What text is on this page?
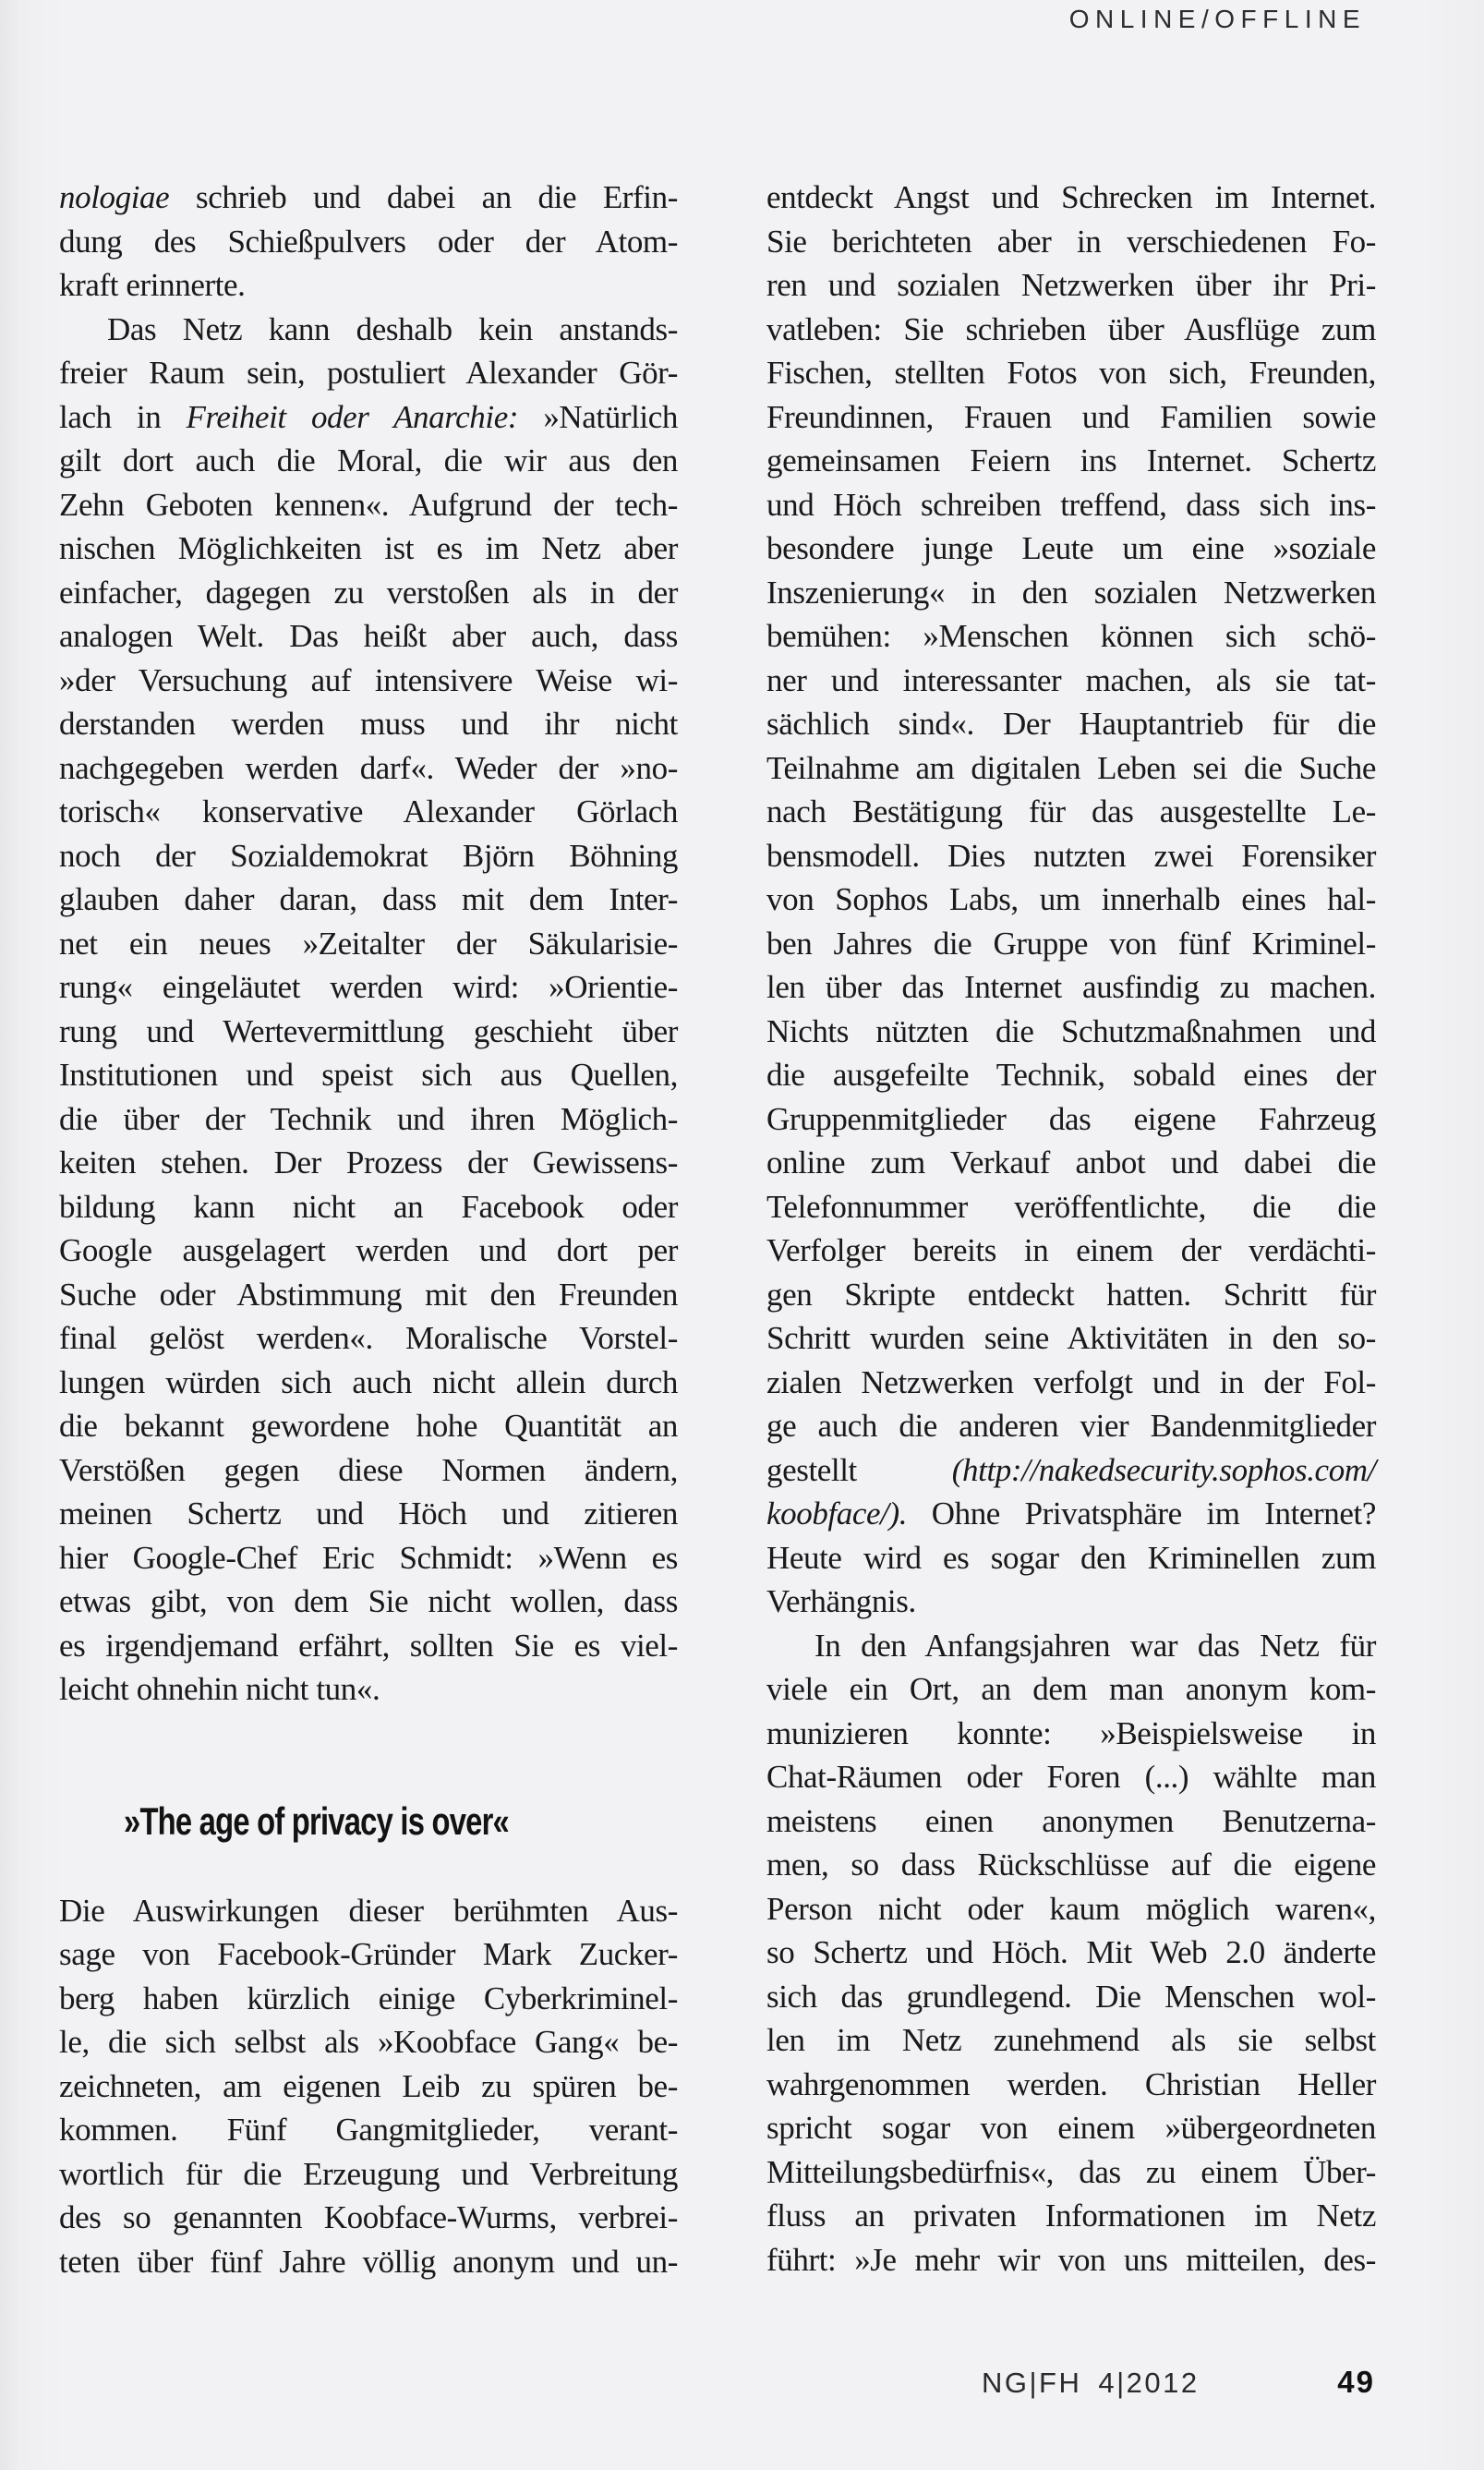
ONLINE/OFFLINE
nologiae schrieb und dabei an die Erfin-
dung des Schießpulvers oder der Atom-
kraft erinnerte.
Das Netz kann deshalb kein anstands-
freier Raum sein, postuliert Alexander Gör-
lach in Freiheit oder Anarchie: »Natürlich
gilt dort auch die Moral, die wir aus den
Zehn Geboten kennen«. Aufgrund der tech-
nischen Möglichkeiten ist es im Netz aber
einfacher, dagegen zu verstoßen als in der
analogen Welt. Das heißt aber auch, dass
»der Versuchung auf intensivere Weise wi-
derstanden werden muss und ihr nicht
nachgegeben werden darf«. Weder der »no-
torisch« konservative Alexander Görlach
noch der Sozialdemokrat Björn Böhning
glauben daher daran, dass mit dem Inter-
net ein neues »Zeitalter der Säkularisie-
rung« eingeläutet werden wird: »Orientie-
rung und Wertevermittlung geschieht über
Institutionen und speist sich aus Quellen,
die über der Technik und ihren Möglich-
keiten stehen. Der Prozess der Gewissens-
bildung kann nicht an Facebook oder
Google ausgelagert werden und dort per
Suche oder Abstimmung mit den Freunden
final gelöst werden«. Moralische Vorstel-
lungen würden sich auch nicht allein durch
die bekannt gewordene hohe Quantität an
Verstößen gegen diese Normen ändern,
meinen Schertz und Höch und zitieren
hier Google-Chef Eric Schmidt: »Wenn es
etwas gibt, von dem Sie nicht wollen, dass
es irgendjemand erfährt, sollten Sie es viel-
leicht ohnehin nicht tun«.
»The age of privacy is over«
Die Auswirkungen dieser berühmten Aus-
sage von Facebook-Gründer Mark Zucker-
berg haben kürzlich einige Cyberkriminel-
le, die sich selbst als »Koobface Gang« be-
zeichneten, am eigenen Leib zu spüren be-
kommen. Fünf Gangmitglieder, verant-
wortlich für die Erzeugung und Verbreitung
des so genannten Koobface-Wurms, verbrei-
teten über fünf Jahre völlig anonym und un-
entdeckt Angst und Schrecken im Internet.
Sie berichteten aber in verschiedenen Fo-
ren und sozialen Netzwerken über ihr Pri-
vatleben: Sie schrieben über Ausflüge zum
Fischen, stellten Fotos von sich, Freunden,
Freundinnen, Frauen und Familien sowie
gemeinsamen Feiern ins Internet. Schertz
und Höch schreiben treffend, dass sich ins-
besondere junge Leute um eine »soziale
Inszenierung« in den sozialen Netzwerken
bemühen: »Menschen können sich schö-
ner und interessanter machen, als sie tat-
sächlich sind«. Der Hauptantrieb für die
Teilnahme am digitalen Leben sei die Suche
nach Bestätigung für das ausgestellte Le-
bensmodell. Dies nutzten zwei Forensiker
von Sophos Labs, um innerhalb eines hal-
ben Jahres die Gruppe von fünf Kriminel-
len über das Internet ausfindig zu machen.
Nichts nützten die Schutzmaßnahmen und
die ausgefeilte Technik, sobald eines der
Gruppenmitglieder das eigene Fahrzeug
online zum Verkauf anbot und dabei die
Telefonnummer veröffentlichte, die die
Verfolger bereits in einem der verdächti-
gen Skripte entdeckt hatten. Schritt für
Schritt wurden seine Aktivitäten in den so-
zialen Netzwerken verfolgt und in der Fol-
ge auch die anderen vier Bandenmitglieder
gestellt (http://nakedsecurity.sophos.com/
koobface/). Ohne Privatsphäre im Internet?
Heute wird es sogar den Kriminellen zum
Verhängnis.
In den Anfangsjahren war das Netz für
viele ein Ort, an dem man anonym kom-
munizieren konnte: »Beispielsweise in
Chat-Räumen oder Foren (...) wählte man
meistens einen anonymen Benutzerna-
men, so dass Rückschlüsse auf die eigene
Person nicht oder kaum möglich waren«,
so Schertz und Höch. Mit Web 2.0 änderte
sich das grundlegend. Die Menschen wol-
len im Netz zunehmend als sie selbst
wahrgenommen werden. Christian Heller
spricht sogar von einem »übergeordneten
Mitteilungsbedürfnis«, das zu einem Über-
fluss an privaten Informationen im Netz
führt: »Je mehr wir von uns mitteilen, des-
NG|FH 4|2012	49
